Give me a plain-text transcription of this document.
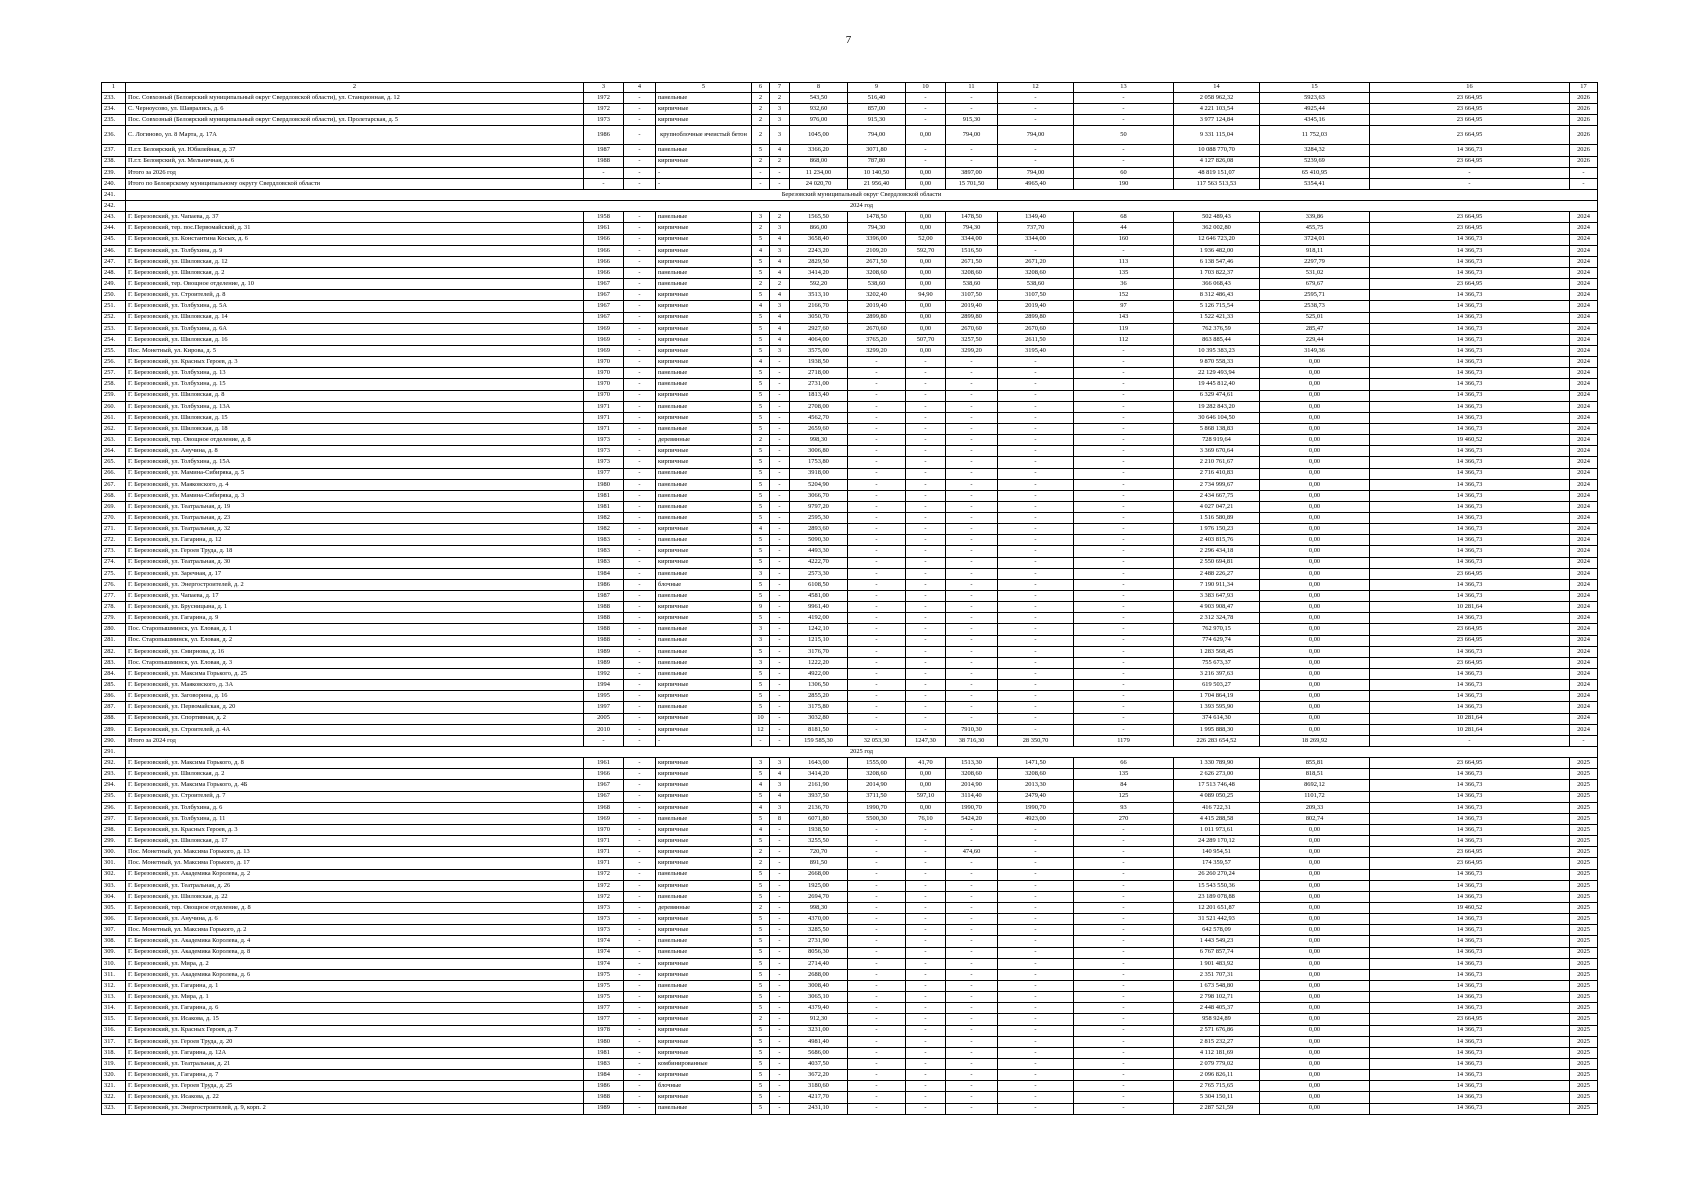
7
1	2	3	4	5	6	7	8	9	10	11	12	13	14	15	16	17
233.	Пос. Совхозный (Белоярский муниципальный округ Свердловской области), ул. Станционная, д. 12	1972	-	панельные	2	2	543,50	516,40	-	-	-	-	2 058 962,32	5923,63	23 664,95	2026
234.	С. Черноусово, ул. Шаврались, д. 6	1972	-	кирпичные	2	3	932,60	857,00	-	-	-	-	4 221 103,54	4925,44	23 664,95	2026
235.	Пос. Совхозный (Белоярский муниципальный округ Свердловской области), ул. Пролетарская, д. 5	1973	-	кирпичные	2	3	976,00	915,30	-	915,30	-	-	3 977 124,84	4345,16	23 664,95	2026
236.	С. Логиново, ул. 8 Марта, д. 17А	1986	-	крупноблочные ячеистый бетон	2	3	1045,00	794,00	0,00	794,00	794,00	50	9 331 115,04	11 752,03	23 664,95	2026
237.	П.г.т. Белоярский, ул. Юбилейная, д. 37	1987	-	панельные	5	4	3366,20	3071,80	-	-	-	-	10 088 770,70	3284,32	14 366,73	2026
238.	П.г.т. Белоярский, ул. Мельничная, д. 6	1988	-	кирпичные	2	2	868,00	787,80	-	-	-	-	4 127 826,08	5239,69	23 664,95	2026
239.	Итого за 2026 год	-	-	-	-	-	11 234,00	10 140,50	0,00	3897,00	794,00	60	48 819 151,07	65 410,95	-	-
240.	Итого по Белоярскому муниципальному округу Свердловской области	-	-	-	-	-	24 020,70	21 956,40	0,00	15 701,50	4965,40	190	117 563 513,53	5354,41	-	-
241.	Березовский муниципальный округ Свердловской области															
242.	2024 год															
243.	Г. Березовский, ул. Чапаева, д. 37	1958	-	панельные	3	2	1565,50	1478,50	0,00	1478,50	1349,40	68	502 489,43	339,86	23 664,95	2024
244.	Г. Березовский, тер. пос.Первомайский, д. 31	1961	-	кирпичные	2	3	866,00	794,30	0,00	794,30	737,70	44	362 002,80	455,75	23 664,95	2024
245.	Г. Березовский, ул. Константина Косых, д. 6	1966	-	кирпичные	5	4	3658,40	3396,00	52,00	3344,00	3344,00	160	12 646 723,20	3724,01	14 366,73	2024
246.	Г. Березовский, ул. Толбухина, д. 9	1966	-	кирпичные	4	3	2243,20	2109,20	592,70	1516,50	-	-	1 936 482,00	918,11	14 366,73	2024
247.	Г. Березовский, ул. Шиловская, д. 12	1966	-	кирпичные	5	4	2829,50	2671,50	0,00	2671,50	2671,20	113	6 138 547,46	2297,79	14 366,73	2024
248.	Г. Березовский, ул. Шиловская, д. 2	1966	-	панельные	5	4	3414,20	3208,60	0,00	3208,60	3208,60	135	1 703 822,37	531,02	14 366,73	2024
249.	Г. Березовский, тер. Овощное отделение, д. 10	1967	-	панельные	2	2	592,20	538,60	0,00	538,60	538,60	36	366 068,43	679,67	23 664,95	2024
250.	Г. Березовский, ул. Строителей, д. 8	1967	-	кирпичные	5	4	3513,10	3202,40	94,90	3107,50	3107,50	152	8 312 486,43	2595,71	14 366,73	2024
251.	Г. Березовский, ул. Толбухина, д. 5А	1967	-	кирпичные	4	3	2166,70	2019,40	0,00	2019,40	2019,40	97	5 126 715,54	2538,73	14 366,73	2024
252.	Г. Березовский, ул. Шиловская, д. 14	1967	-	кирпичные	5	4	3050,70	2899,80	0,00	2899,80	2899,80	143	1 522 421,33	525,01	14 366,73	2024
253.	Г. Березовский, ул. Толбухина, д. 6А	1969	-	кирпичные	5	4	2927,60	2670,60	0,00	2670,60	2670,60	119	762 376,59	285,47	14 366,73	2024
254.	Г. Березовский, ул. Шиловская, д. 16	1969	-	кирпичные	5	4	4064,00	3765,20	507,70	3257,50	2611,50	112	863 885,44	229,44	14 366,73	2024
255.	Пос. Монетный, ул. Кирова, д. 5	1969	-	кирпичные	5	3	3575,00	3299,20	0,00	3299,20	3195,40	-	10 395 383,23	3149,36	14 366,73	2024
256.	Г. Березовский, ул. Красных Героев, д. 3	1970	-	кирпичные	4	-	1938,50	-	-	-	-	-	9 870 558,33	0,00	14 366,73	2024
257.	Г. Березовский, ул. Толбухина, д. 13	1970	-	панельные	5	-	2718,00	-	-	-	-	-	22 129 493,94	0,00	14 366,73	2024
258.	Г. Березовский, ул. Толбухина, д. 15	1970	-	панельные	5	-	2731,00	-	-	-	-	-	19 445 812,40	0,00	14 366,73	2024
259.	Г. Березовский, ул. Шиловская, д. 8	1970	-	кирпичные	5	-	1813,40	-	-	-	-	-	6 329 474,61	0,00	14 366,73	2024
260.	Г. Березовский, ул. Толбухина, д. 13А	1971	-	панельные	5	-	2708,00	-	-	-	-	-	19 282 843,20	0,00	14 366,73	2024
261.	Г. Березовский, ул. Шиловская, д. 15	1971	-	кирпичные	5	-	4562,70	-	-	-	-	-	30 646 104,50	0,00	14 366,73	2024
262.	Г. Березовский, ул. Шиловская, д. 18	1971	-	панельные	5	-	2659,60	-	-	-	-	-	5 868 138,83	0,00	14 366,73	2024
263.	Г. Березовский, тер. Овощное отделение, д. 8	1973	-	деревянные	2	-	998,30	-	-	-	-	-	728 919,64	0,00	19 460,52	2024
264.	Г. Березовский, ул. Анучина, д. 8	1973	-	кирпичные	5	-	3006,80	-	-	-	-	-	3 369 670,64	0,00	14 366,73	2024
265.	Г. Березовский, ул. Толбухина, д. 15А	1973	-	кирпичные	5	-	1753,80	-	-	-	-	-	2 210 761,67	0,00	14 366,73	2024
266.	Г. Березовский, ул. Мамина-Сибиряка, д. 5	1977	-	панельные	5	-	3918,00	-	-	-	-	-	2 716 410,83	0,00	14 366,73	2024
267.	Г. Березовский, ул. Маяковского, д. 4	1980	-	панельные	5	-	5204,90	-	-	-	-	-	2 734 999,67	0,00	14 366,73	2024
268.	Г. Березовский, ул. Мамина-Сибиряка, д. 3	1981	-	панельные	5	-	3066,70	-	-	-	-	-	2 434 667,75	0,00	14 366,73	2024
269.	Г. Березовский, ул. Театральная, д. 19	1981	-	панельные	5	-	9797,20	-	-	-	-	-	4 027 047,21	0,00	14 366,73	2024
270.	Г. Березовский, ул. Театральная, д. 23	1982	-	панельные	5	-	2595,30	-	-	-	-	-	1 516 580,89	0,00	14 366,73	2024
271.	Г. Березовский, ул. Театральная, д. 32	1982	-	кирпичные	4	-	2893,60	-	-	-	-	-	1 976 150,23	0,00	14 366,73	2024
272.	Г. Березовский, ул. Гагарина, д. 12	1983	-	панельные	5	-	5090,30	-	-	-	-	-	2 403 815,76	0,00	14 366,73	2024
273.	Г. Березовский, ул. Героев Труда, д. 18	1983	-	кирпичные	5	-	4493,30	-	-	-	-	-	2 296 434,18	0,00	14 366,73	2024
274.	Г. Березовский, ул. Театральная, д. 30	1983	-	кирпичные	5	-	4222,70	-	-	-	-	-	2 550 694,81	0,00	14 366,73	2024
275.	Г. Березовский, ул. Заречная, д. 17	1984	-	панельные	3	-	2573,30	-	-	-	-	-	2 488 226,27	0,00	23 664,95	2024
276.	Г. Березовский, ул. Энергостроителей, д. 2	1986	-	блочные	5	-	6108,50	-	-	-	-	-	7 190 911,34	0,00	14 366,73	2024
277.	Г. Березовский, ул. Чапаева, д. 17	1987	-	панельные	5	-	4581,00	-	-	-	-	-	3 383 647,93	0,00	14 366,73	2024
278.	Г. Березовский, ул. Брусницына, д. 1	1988	-	кирпичные	9	-	9961,40	-	-	-	-	-	4 903 908,47	0,00	10 281,64	2024
279.	Г. Березовский, ул. Гагарина, д. 9	1988	-	кирпичные	5	-	4192,00	-	-	-	-	-	2 312 324,78	0,00	14 366,73	2024
280.	Пос. Старопышминск, ул. Еловая, д. 1	1988	-	панельные	3	-	1242,10	-	-	-	-	-	762 970,15	0,00	23 664,95	2024
281.	Пос. Старопышминск, ул. Еловая, д. 2	1988	-	панельные	3	-	1215,10	-	-	-	-	-	774 629,74	0,00	23 664,95	2024
282.	Г. Березовский, ул. Смирнова, д. 16	1989	-	панельные	5	-	3176,70	-	-	-	-	-	1 283 568,45	0,00	14 366,73	2024
283.	Пос. Старопышминск, ул. Еловая, д. 3	1989	-	панельные	3	-	1222,20	-	-	-	-	-	755 673,37	0,00	23 664,95	2024
284.	Г. Березовский, ул. Максима Горького, д. 25	1992	-	панельные	5	-	4922,00	-	-	-	-	-	3 216 397,63	0,00	14 366,73	2024
285.	Г. Березовский, ул. Маяковского, д. 3А	1994	-	кирпичные	5	-	1306,50	-	-	-	-	-	619 503,27	0,00	14 366,73	2024
286.	Г. Березовский, ул. Заговорина, д. 16	1995	-	кирпичные	5	-	2855,20	-	-	-	-	-	1 704 864,19	0,00	14 366,73	2024
287.	Г. Березовский, ул. Первомайская, д. 20	1997	-	панельные	5	-	3175,80	-	-	-	-	-	1 393 595,90	0,00	14 366,73	2024
288.	Г. Березовский, ул. Спортивная, д. 2	2005	-	кирпичные	10	-	3032,80	-	-	-	-	-	374 614,30	0,00	10 281,64	2024
289.	Г. Березовский, ул. Строителей, д. 4А	2010	-	кирпичные	12	-	8181,50	-	-	7910,30	-	-	1 995 888,30	0,00	10 281,64	2024
290.	Итого за 2024 год	-	-	-	-	-	159 585,30	32 053,30	1247,30	38 716,30	28 350,70	1179	226 283 654,52	18 269,92	-	-
291.	2025 год															
292.	Г. Березовский, ул. Максима Горького, д. 8	1961	-	кирпичные	3	3	1643,00	1555,00	41,70	1513,30	1471,50	66	1 330 789,90	855,81	23 664,95	2025
293.	Г. Березовский, ул. Шиловская, д. 2	1966	-	кирпичные	5	4	3414,20	3208,60	0,00	3208,60	3208,60	135	2 626 273,00	818,51	14 366,73	2025
294.	Г. Березовский, ул. Максима Горького, д. 4Б	1967	-	кирпичные	4	3	2161,90	2014,90	0,00	2014,90	2013,30	84	17 513 746,48	8692,12	14 366,73	2025
295.	Г. Березовский, ул. Строителей, д. 7	1967	-	кирпичные	5	4	3937,50	3711,50	597,10	3114,40	2479,40	125	4 089 050,25	1101,72	14 366,73	2025
296.	Г. Березовский, ул. Толбухина, д. 6	1968	-	кирпичные	4	3	2136,70	1990,70	0,00	1990,70	1990,70	93	416 722,31	209,33	14 366,73	2025
297.	Г. Березовский, ул. Толбухина, д. 11	1969	-	панельные	5	8	6071,80	5500,30	76,10	5424,20	4923,00	270	4 415 288,58	802,74	14 366,73	2025
298.	Г. Березовский, ул. Красных Героев, д. 3	1970	-	кирпичные	4	-	1938,50	-	-	-	-	-	1 011 973,61	0,00	14 366,73	2025
299.	Г. Березовский, ул. Шиловская, д. 17	1971	-	кирпичные	5	-	3255,50	-	-	-	-	-	24 289 170,12	0,00	14 366,73	2025
300.	Пос. Монетный, ул. Максима Горького, д. 13	1971	-	кирпичные	2	-	720,70	-	-	474,60	-	-	140 954,51	0,00	23 664,95	2025
301.	Пос. Монетный, ул. Максима Горького, д. 17	1971	-	кирпичные	2	-	891,50	-	-	-	-	-	174 359,57	0,00	23 664,95	2025
302.	Г. Березовский, ул. Академика Королева, д. 2	1972	-	панельные	5	-	2668,00	-	-	-	-	-	26 260 270,24	0,00	14 366,73	2025
303.	Г. Березовский, ул. Театральная, д. 26	1972	-	кирпичные	5	-	1925,00	-	-	-	-	-	15 543 550,36	0,00	14 366,73	2025
304.	Г. Березовский, ул. Шиловская, д. 22	1972	-	панельные	5	-	2694,70	-	-	-	-	-	23 189 078,88	0,00	14 366,73	2025
305.	Г. Березовский, тер. Овощное отделение, д. 8	1973	-	деревянные	2	-	998,30	-	-	-	-	-	12 201 651,87	0,00	19 460,52	2025
306.	Г. Березовский, ул. Анучина, д. 6	1973	-	кирпичные	5	-	4370,00	-	-	-	-	-	31 521 442,93	0,00	14 366,73	2025
307.	Пос. Монетный, ул. Максима Горького, д. 2	1973	-	кирпичные	5	-	3285,50	-	-	-	-	-	642 578,09	0,00	14 366,73	2025
308.	Г. Березовский, ул. Академика Королева, д. 4	1974	-	панельные	5	-	2731,90	-	-	-	-	-	1 443 549,23	0,00	14 366,73	2025
309.	Г. Березовский, ул. Академика Королева, д. 8	1974	-	панельные	5	-	8056,30	-	-	-	-	-	6 767 857,74	0,00	14 366,73	2025
310.	Г. Березовский, ул. Мира, д. 2	1974	-	кирпичные	5	-	2714,40	-	-	-	-	-	1 901 483,92	0,00	14 366,73	2025
311.	Г. Березовский, ул. Академика Королева, д. 6	1975	-	кирпичные	5	-	2688,00	-	-	-	-	-	2 351 707,31	0,00	14 366,73	2025
312.	Г. Березовский, ул. Гагарина, д. 1	1975	-	панельные	5	-	3008,40	-	-	-	-	-	1 673 548,80	0,00	14 366,73	2025
313.	Г. Березовский, ул. Мира, д. 1	1975	-	кирпичные	5	-	3065,10	-	-	-	-	-	2 798 102,71	0,00	14 366,73	2025
314.	Г. Березовский, ул. Гагарина, д. 6	1977	-	кирпичные	5	-	4379,40	-	-	-	-	-	2 448 405,37	0,00	14 366,73	2025
315.	Г. Березовский, ул. Исакова, д. 15	1977	-	кирпичные	2	-	912,30	-	-	-	-	-	958 924,89	0,00	23 664,95	2025
316.	Г. Березовский, ул. Красных Героев, д. 7	1978	-	кирпичные	5	-	3231,00	-	-	-	-	-	2 571 676,86	0,00	14 366,73	2025
317.	Г. Березовский, ул. Героев Труда, д. 20	1980	-	кирпичные	5	-	4981,40	-	-	-	-	-	2 815 232,27	0,00	14 366,73	2025
318.	Г. Березовский, ул. Гагарина, д. 12А	1981	-	кирпичные	5	-	5686,00	-	-	-	-	-	4 112 181,69	0,00	14 366,73	2025
319.	Г. Березовский, ул. Театральная, д. 21	1983	-	комбинированные	5	-	4037,50	-	-	-	-	-	2 079 779,02	0,00	14 366,73	2025
320.	Г. Березовский, ул. Гагарина, д. 7	1984	-	кирпичные	5	-	3672,20	-	-	-	-	-	2 096 826,11	0,00	14 366,73	2025
321.	Г. Березовский, ул. Героев Труда, д. 25	1986	-	блочные	5	-	3180,60	-	-	-	-	-	2 765 715,65	0,00	14 366,73	2025
322.	Г. Березовский, ул. Исакова, д. 22	1988	-	кирпичные	5	-	4217,70	-	-	-	-	-	5 304 150,11	0,00	14 366,73	2025
323.	Г. Березовский, ул. Энергостроителей, д. 9, корп. 2	1989	-	панельные	5	-	2431,10	-	-	-	-	-	2 287 521,59	0,00	14 366,73	2025
